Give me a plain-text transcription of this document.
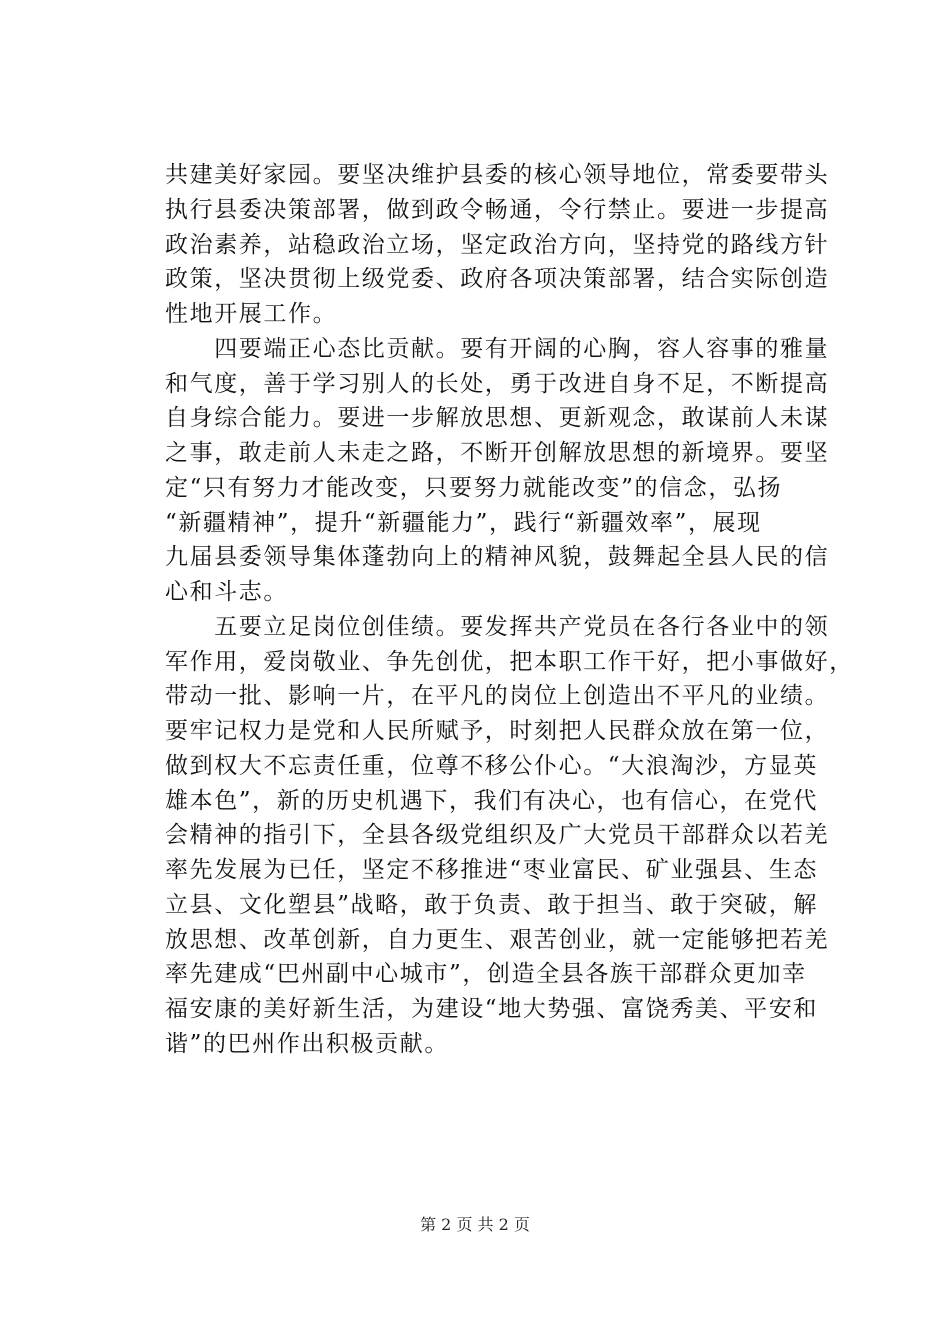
共建美好家园。要坚决维护县委的核心领导地位，常委要带头
执行县委决策部署，做到政令畅通，令行禁止。要进一步提高
政治素养，站稳政治立场，坚定政治方向，坚持党的路线方针
政策，坚决贯彻上级党委、政府各项决策部署，结合实际创造
性地开展工作。
　　四要端正心态比贡献。要有开阔的心胸，容人容事的雅量
和气度，善于学习别人的长处，勇于改进自身不足，不断提高
自身综合能力。要进一步解放思想、更新观念，敢谋前人未谋
之事，敢走前人未走之路，不断开创解放思想的新境界。要坚
定“只有努力才能改变，只要努力就能改变”的信念，弘扬
“新疆精神”，提升“新疆能力”，践行“新疆效率”，展现
九届县委领导集体蓬勃向上的精神风貌，鼓舞起全县人民的信
心和斗志。
　　五要立足岗位创佳绩。要发挥共产党员在各行各业中的领
军作用，爱岗敬业、争先创优，把本职工作干好，把小事做好，
带动一批、影响一片，在平凡的岗位上创造出不平凡的业绩。
要牢记权力是党和人民所赋予，时刻把人民群众放在第一位，
做到权大不忘责任重，位尊不移公仆心。“大浪淘沙，方显英
雄本色”，新的历史机遇下，我们有决心，也有信心，在党代
会精神的指引下，全县各级党组织及广大党员干部群众以若羌
率先发展为已任，坚定不移推进“枣业富民、矿业强县、生态
立县、文化塑县”战略，敢于负责、敢于担当、敢于突破，解
放思想、改革创新，自力更生、艰苦创业，就一定能够把若羌
率先建成“巴州副中心城市”，创造全县各族干部群众更加幸
福安康的美好新生活，为建设“地大势强、富饶秀美、平安和
谐”的巴州作出积极贡献。
第 2 页 共 2 页
